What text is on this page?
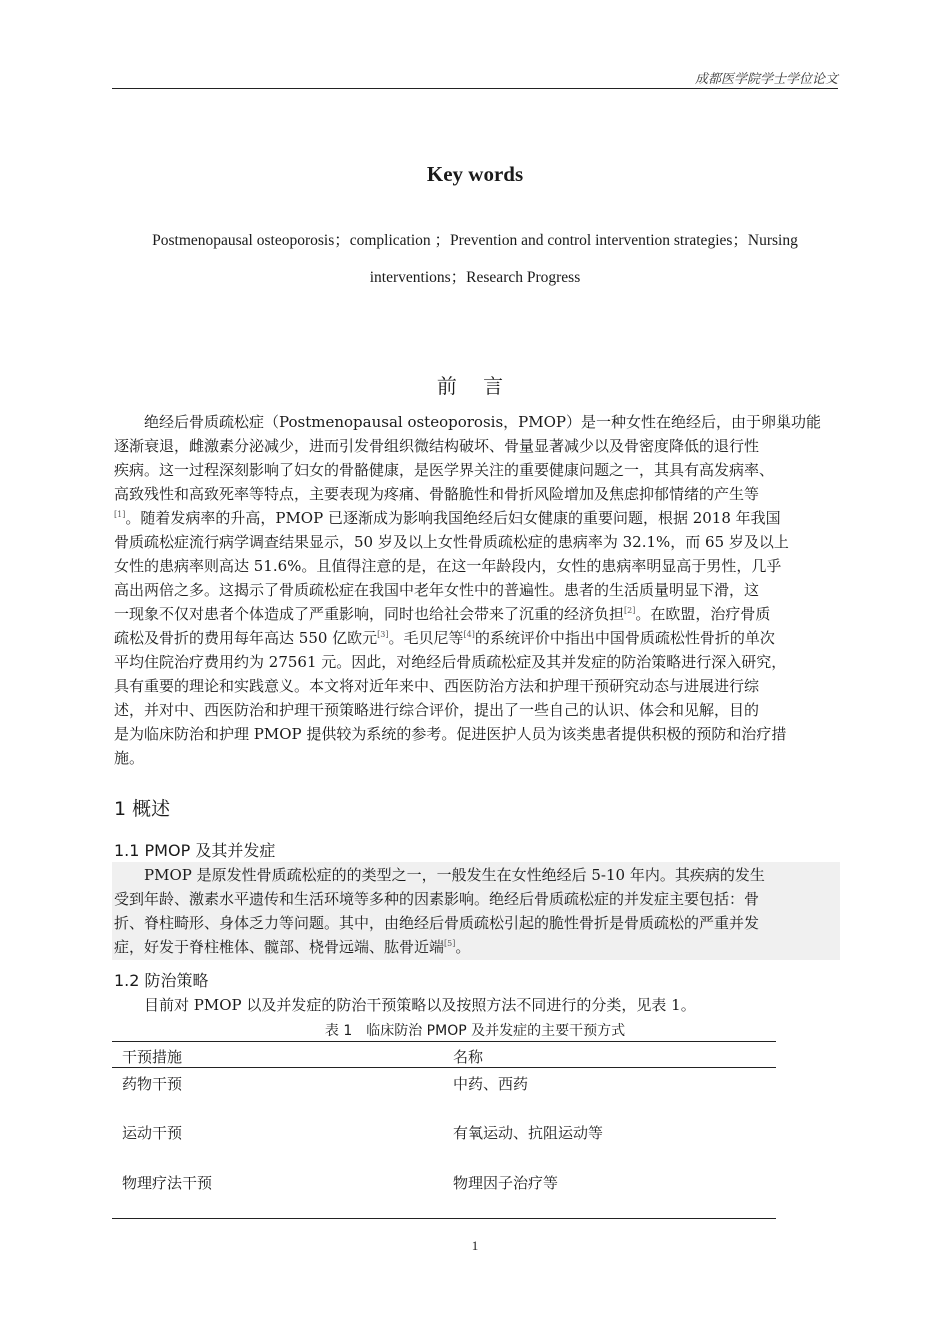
成都医学院学士学位论文
Key words
Postmenopausal osteoporosis；complication ；Prevention and control intervention strategies；Nursing
interventions；Research Progress
前 言
　　绝经后骨质疏松症（Postmenopausal osteoporosis，PMOP）是一种女性在绝经后，由于卵巢功能
逐渐衰退，雌激素分泌减少，进而引发骨组织微结构破坏、骨量显著减少以及骨密度降低的退行性
疾病。这一过程深刻影响了妇女的骨骼健康，是医学界关注的重要健康问题之一，其具有高发病率、
高致残性和高致死率等特点，主要表现为疼痛、骨骼脆性和骨折风险增加及焦虑抑郁情绪的产生等
[1]。随着发病率的升高，PMOP 已逐渐成为影响我国绝经后妇女健康的重要问题，根据 2018 年我国
骨质疏松症流行病学调查结果显示，50 岁及以上女性骨质疏松症的患病率为 32.1%，而 65 岁及以上
女性的患病率则高达 51.6%。且值得注意的是，在这一年龄段内，女性的患病率明显高于男性，几乎
高出两倍之多。这揭示了骨质疏松症在我国中老年女性中的普遍性。患者的生活质量明显下滑，这
一现象不仅对患者个体造成了严重影响，同时也给社会带来了沉重的经济负担[2]。在欧盟，治疗骨质
疏松及骨折的费用每年高达 550 亿欧元[3]。毛贝尼等[4]的系统评价中指出中国骨质疏松性骨折的单次
平均住院治疗费用约为 27561 元。因此，对绝经后骨质疏松症及其并发症的防治策略进行深入研究，
具有重要的理论和实践意义。本文将对近年来中、西医防治方法和护理干预研究动态与进展进行综
述，并对中、西医防治和护理干预策略进行综合评价，提出了一些自己的认识、体会和见解，目的
是为临床防治和护理 PMOP 提供较为系统的参考。促进医护人员为该类患者提供积极的预防和治疗措
施。
1 概述
1.1 PMOP 及其并发症
　　PMOP 是原发性骨质疏松症的的类型之一，一般发生在女性绝经后 5-10 年内。其疾病的发生
受到年龄、激素水平遗传和生活环境等多种的因素影响。绝经后骨质疏松症的并发症主要包括：骨
折、脊柱畸形、身体乏力等问题。其中，由绝经后骨质疏松引起的脆性骨折是骨质疏松的严重并发
症，好发于脊柱椎体、髋部、桡骨远端、肱骨近端[5]。
1.2 防治策略
　　目前对 PMOP 以及并发症的防治干预策略以及按照方法不同进行的分类，见表 1。
表 1　临床防治 PMOP 及并发症的主要干预方式
干预措施	名称
药物干预	中药、西药
运动干预	有氧运动、抗阻运动等
物理疗法干预	物理因子治疗等
1
